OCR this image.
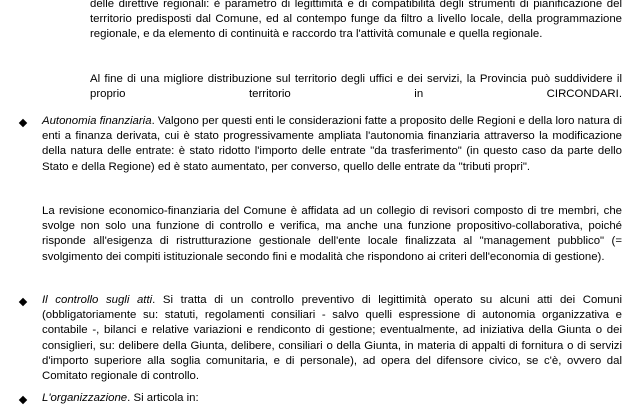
delle direttive regionali: è parametro di legittimità e di compatibilità degli strumenti di pianificazione del territorio predisposti dal Comune, ed al contempo funge da filtro a livello locale, della programmazione regionale, e da elemento di continuità e raccordo tra l'attività comunale e quella regionale.

Al fine di una migliore distribuzione sul territorio degli uffici e dei servizi, la Provincia può suddividere il proprio territorio in CIRCONDARI.

Autonomia finanziaria. Valgono per questi enti le considerazioni fatte a proposito delle Regioni e della loro natura di enti a finanza derivata, cui è stato progressivamente ampliata l'autonomia finanziaria attraverso la modificazione della natura delle entrate: è stato ridotto l'importo delle entrate "da trasferimento" (in questo caso da parte dello Stato e della Regione) ed è stato aumentato, per converso, quello delle entrate da "tributi propri".

La revisione economico-finanziaria del Comune è affidata ad un collegio di revisori composto di tre membri, che svolge non solo una funzione di controllo e verifica, ma anche una funzione propositivo-collaborativa, poiché risponde all'esigenza di ristrutturazione gestionale dell'ente locale finalizzata al "management pubblico" (= svolgimento dei compiti istituzionale secondo fini e modalità che rispondono ai criteri dell'economia di gestione).

Il controllo sugli atti. Si tratta di un controllo preventivo di legittimità operato su alcuni atti dei Comuni (obbligatoriamente su: statuti, regolamenti consiliari - salvo quelli espressione di autonomia organizzativa e contabile -, bilanci e relative variazioni e rendiconto di gestione; eventualmente, ad iniziativa della Giunta o dei consiglieri, su: delibere della Giunta, delibere, consiliari o della Giunta, in materia di appalti di fornitura o di servizi d'importo superiore alla soglia comunitaria, e di personale), ad opera del difensore civico, se c'è, ovvero dal Comitato regionale di controllo.

L'organizzazione. Si articola in:
